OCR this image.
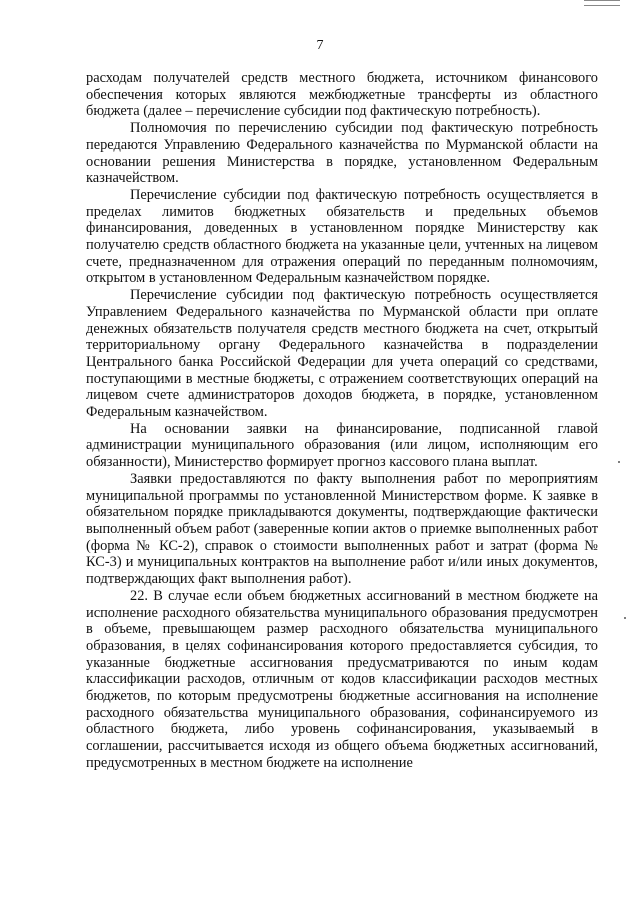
7

расходам получателей средств местного бюджета, источником финансового обеспечения которых являются межбюджетные трансферты из областного бюджета (далее – перечисление субсидии под фактическую потребность).

Полномочия по перечислению субсидии под фактическую потребность передаются Управлению Федерального казначейства по Мурманской области на основании решения Министерства в порядке, установленном Федеральным казначейством.

Перечисление субсидии под фактическую потребность осуществляется в пределах лимитов бюджетных обязательств и предельных объемов финансирования, доведенных в установленном порядке Министерству как получателю средств областного бюджета на указанные цели, учтенных на лицевом счете, предназначенном для отражения операций по переданным полномочиям, открытом в установленном Федеральным казначейством порядке.

Перечисление субсидии под фактическую потребность осуществляется Управлением Федерального казначейства по Мурманской области при оплате денежных обязательств получателя средств местного бюджета на счет, открытый территориальному органу Федерального казначейства в подразделении Центрального банка Российской Федерации для учета операций со средствами, поступающими в местные бюджеты, с отражением соответствующих операций на лицевом счете администраторов доходов бюджета, в порядке, установленном Федеральным казначейством.

На основании заявки на финансирование, подписанной главой администрации муниципального образования (или лицом, исполняющим его обязанности), Министерство формирует прогноз кассового плана выплат.

Заявки предоставляются по факту выполнения работ по мероприятиям муниципальной программы по установленной Министерством форме. К заявке в обязательном порядке прикладываются документы, подтверждающие фактически выполненный объем работ (заверенные копии актов о приемке выполненных работ (форма № КС-2), справок о стоимости выполненных работ и затрат (форма № КС-3) и муниципальных контрактов на выполнение работ и/или иных документов, подтверждающих факт выполнения работ).

22. В случае если объем бюджетных ассигнований в местном бюджете на исполнение расходного обязательства муниципального образования предусмотрен в объеме, превышающем размер расходного обязательства муниципального образования, в целях софинансирования которого предоставляется субсидия, то указанные бюджетные ассигнования предусматриваются по иным кодам классификации расходов, отличным от кодов классификации расходов местных бюджетов, по которым предусмотрены бюджетные ассигнования на исполнение расходного обязательства муниципального образования, софинансируемого из областного бюджета, либо уровень софинансирования, указываемый в соглашении, рассчитывается исходя из общего объема бюджетных ассигнований, предусмотренных в местном бюджете на исполнение
